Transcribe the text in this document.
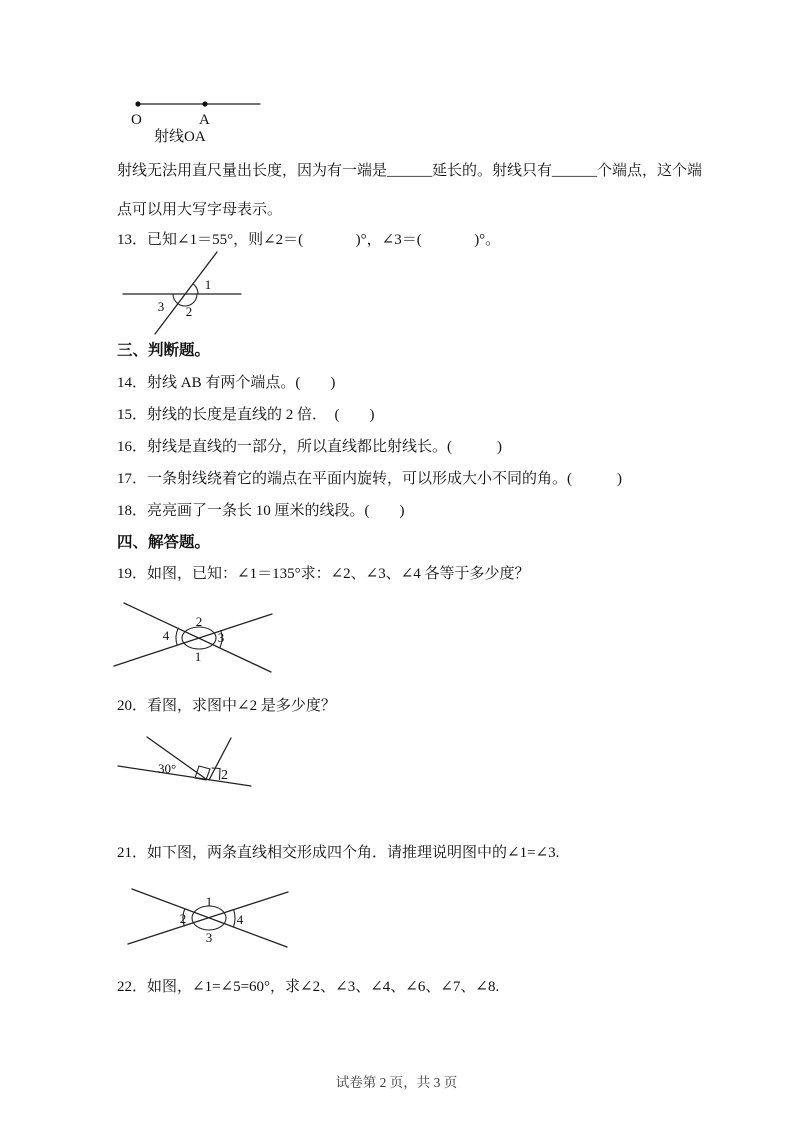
O	A
射线OA
射线无法用直尺量出长度，因为有一端是______延长的。射线只有______个端点，这个端
点可以用大写字母表示。
13．已知∠1＝55°，则∠2＝(              )°，∠3＝(              )°。
1
3 2
三、判断题。
14．射线 AB 有两个端点。(        )
15．射线的长度是直线的 2 倍．  (        )
16．射线是直线的一部分，所以直线都比射线长。(            )
17．一条射线绕着它的端点在平面内旋转，可以形成大小不同的角。(            )
18．亮亮画了一条长 10 厘米的线段。(        )
四、解答题。
19．如图，已知：∠1＝135°求：∠2、∠3、∠4 各等于多少度？
2
4	3
1
20．看图，求图中∠2 是多少度？
30°	2
21．如下图，两条直线相交形成四个角．请推理说明图中的∠1=∠3.
1
2	4
3
22．如图，∠1=∠5=60°，求∠2、∠3、∠4、∠6、∠7、∠8.
试卷第 2 页，共 3 页
